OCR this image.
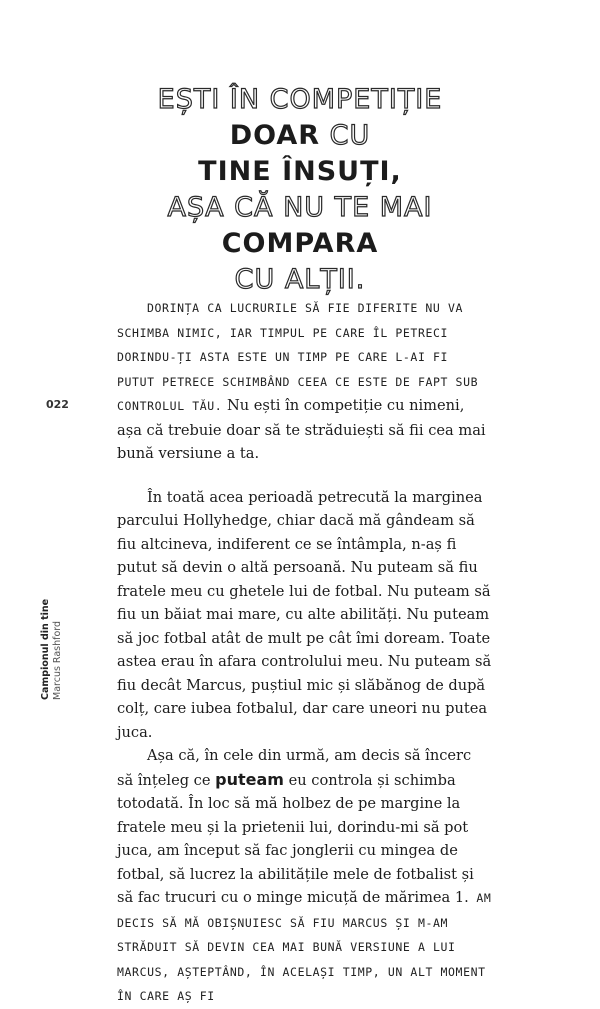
EȘTI ÎN COMPETIȚIE

DOAR CU

TINE ÎNSUȚI,

AȘA CĂ NU TE MAI

COMPARA

CU ALȚII.

DORINȚA CA LUCRURILE SĂ FIE DIFERITE NU VA SCHIMBA NIMIC, IAR TIMPUL PE CARE ÎL PETRECI DORINDU-ȚI ASTA ESTE UN TIMP PE CARE L-AI FI PUTUT PETRECE SCHIMBÂND CEEA CE ESTE DE FAPT SUB CONTROLUL TĂU. Nu ești în competiție cu nimeni, așa că trebuie doar să te străduiești să fii cea mai bună versiune a ta.

În toată acea perioadă petrecută la marginea parcului Hollyhedge, chiar dacă mă gândeam să fiu altcineva, indiferent ce se întâmpla, n-aș fi putut să devin o altă persoană. Nu puteam să fiu fratele meu cu ghetele lui de fotbal. Nu puteam să fiu un băiat mai mare, cu alte abilități. Nu puteam să joc fotbal atât de mult pe cât îmi doream. Toate astea erau în afara controlului meu. Nu puteam să fiu decât Marcus, puștiul mic și slăbănog de după colț, care iubea fotbalul, dar care uneori nu putea juca.

Așa că, în cele din urmă, am decis să încerc să înțeleg ce puteam eu controla și schimba totodată. În loc să mă holbez de pe margine la fratele meu și la prietenii lui, dorindu-mi să pot juca, am început să fac jonglerii cu mingea de fotbal, să lucrez la abilitățile mele de fotbalist și să fac trucuri cu o minge micuță de mărimea 1. AM DECIS SĂ MĂ OBIȘNUIESC SĂ FIU MARCUS ȘI M-AM STRĂDUIT SĂ DEVIN CEA MAI BUNĂ VERSIUNE A LUI MARCUS, AȘTEPTÂND, ÎN ACELAȘI TIMP, UN ALT MOMENT ÎN CARE AȘ FI

022
Campionul din tine Marcus Rashford
